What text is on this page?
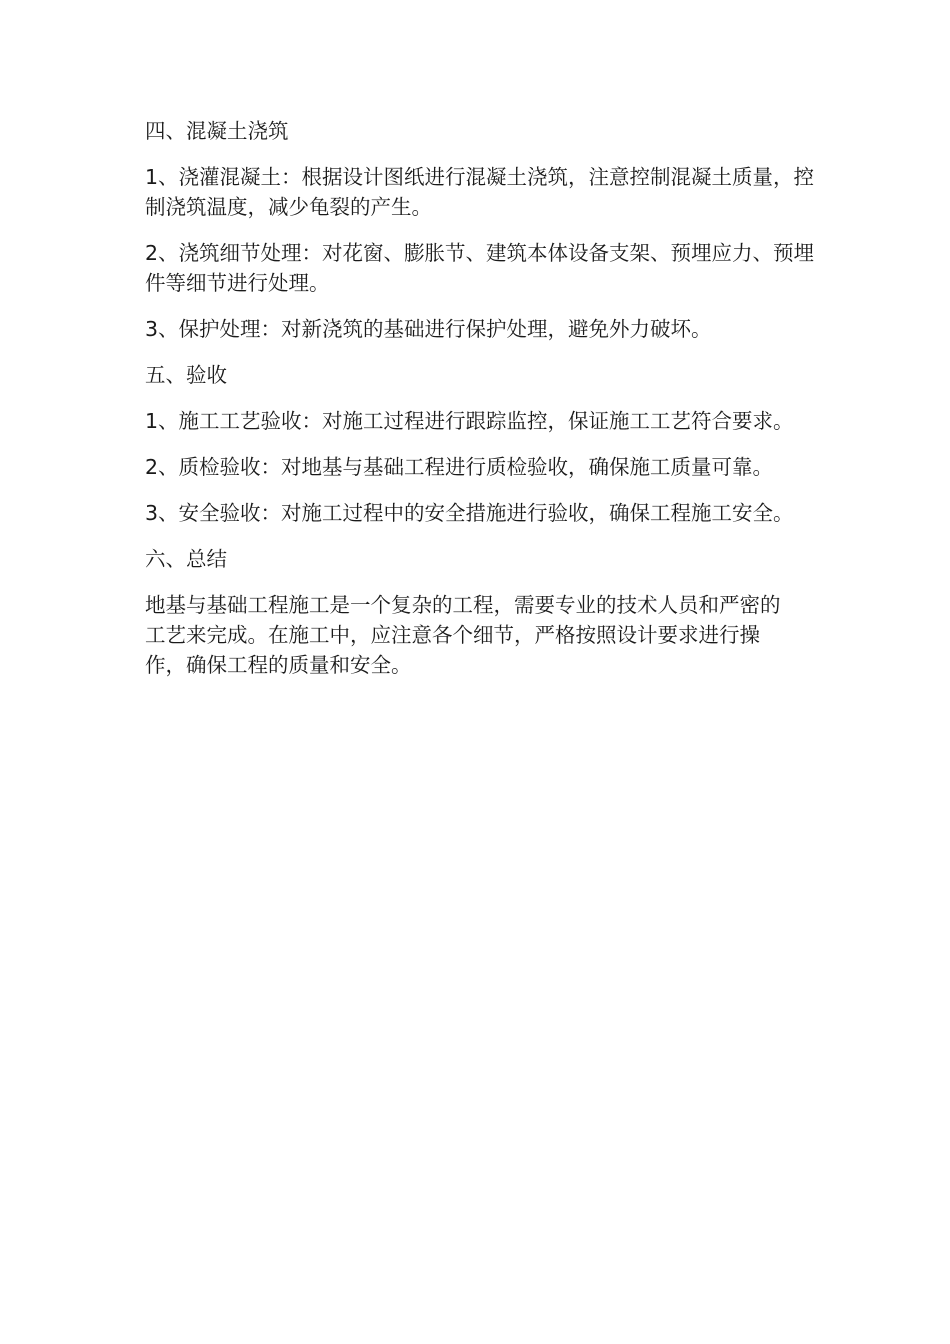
四、混凝土浇筑

1、浇灌混凝土：根据设计图纸进行混凝土浇筑，注意控制混凝土质量，控制浇筑温度，减少龟裂的产生。

2、浇筑细节处理：对花窗、膨胀节、建筑本体设备支架、预埋应力、预埋件等细节进行处理。

3、保护处理：对新浇筑的基础进行保护处理，避免外力破坏。

五、验收

1、施工工艺验收：对施工过程进行跟踪监控，保证施工工艺符合要求。

2、质检验收：对地基与基础工程进行质检验收，确保施工质量可靠。

3、安全验收：对施工过程中的安全措施进行验收，确保工程施工安全。

六、总结

地基与基础工程施工是一个复杂的工程，需要专业的技术人员和严密的工艺来完成。在施工中，应注意各个细节，严格按照设计要求进行操作，确保工程的质量和安全。
